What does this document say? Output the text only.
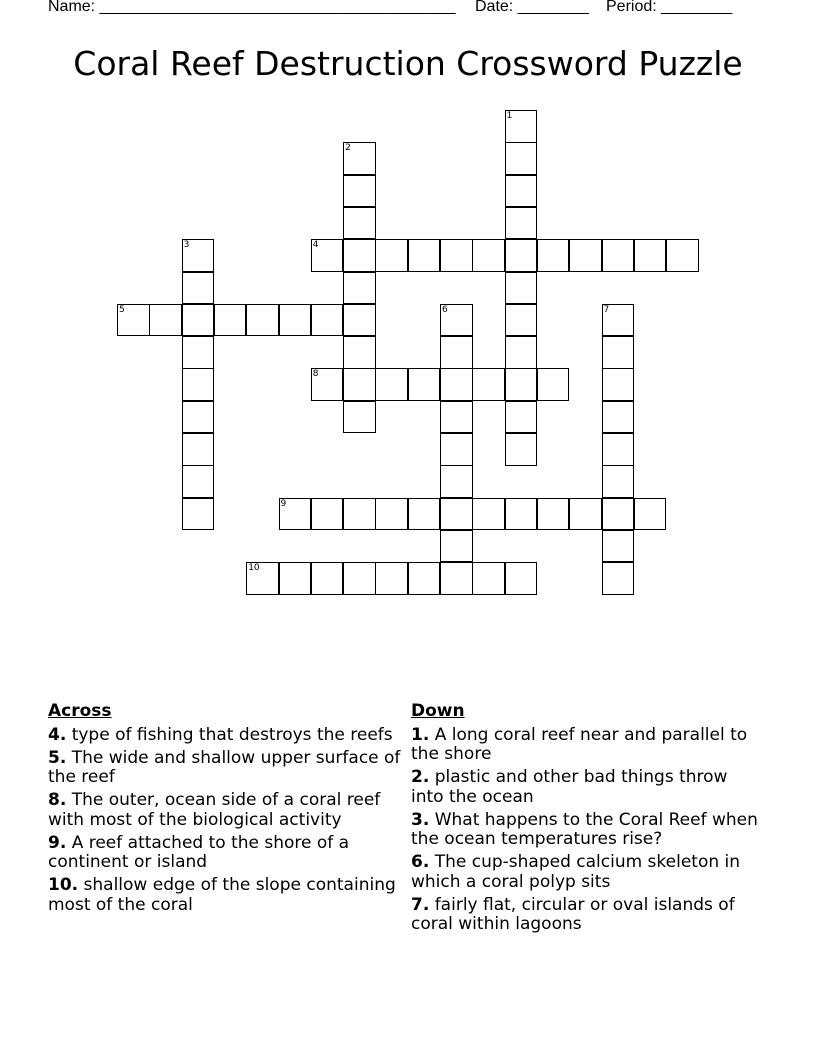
Name: ________________________________________ Date: ________ Period: ________
Coral Reef Destruction Crossword Puzzle
1
2
3	4
5	6	7
8
9
10
Across
4. type of fishing that destroys the reefs
5. The wide and shallow upper surface of the reef
8. The outer, ocean side of a coral reef with most of the biological activity
9. A reef attached to the shore of a continent or island
10. shallow edge of the slope containing most of the coral
Down
1. A long coral reef near and parallel to the shore
2. plastic and other bad things throw into the ocean
3. What happens to the Coral Reef when the ocean temperatures rise?
6. The cup-shaped calcium skeleton in which a coral polyp sits
7. fairly flat, circular or oval islands of coral within lagoons
